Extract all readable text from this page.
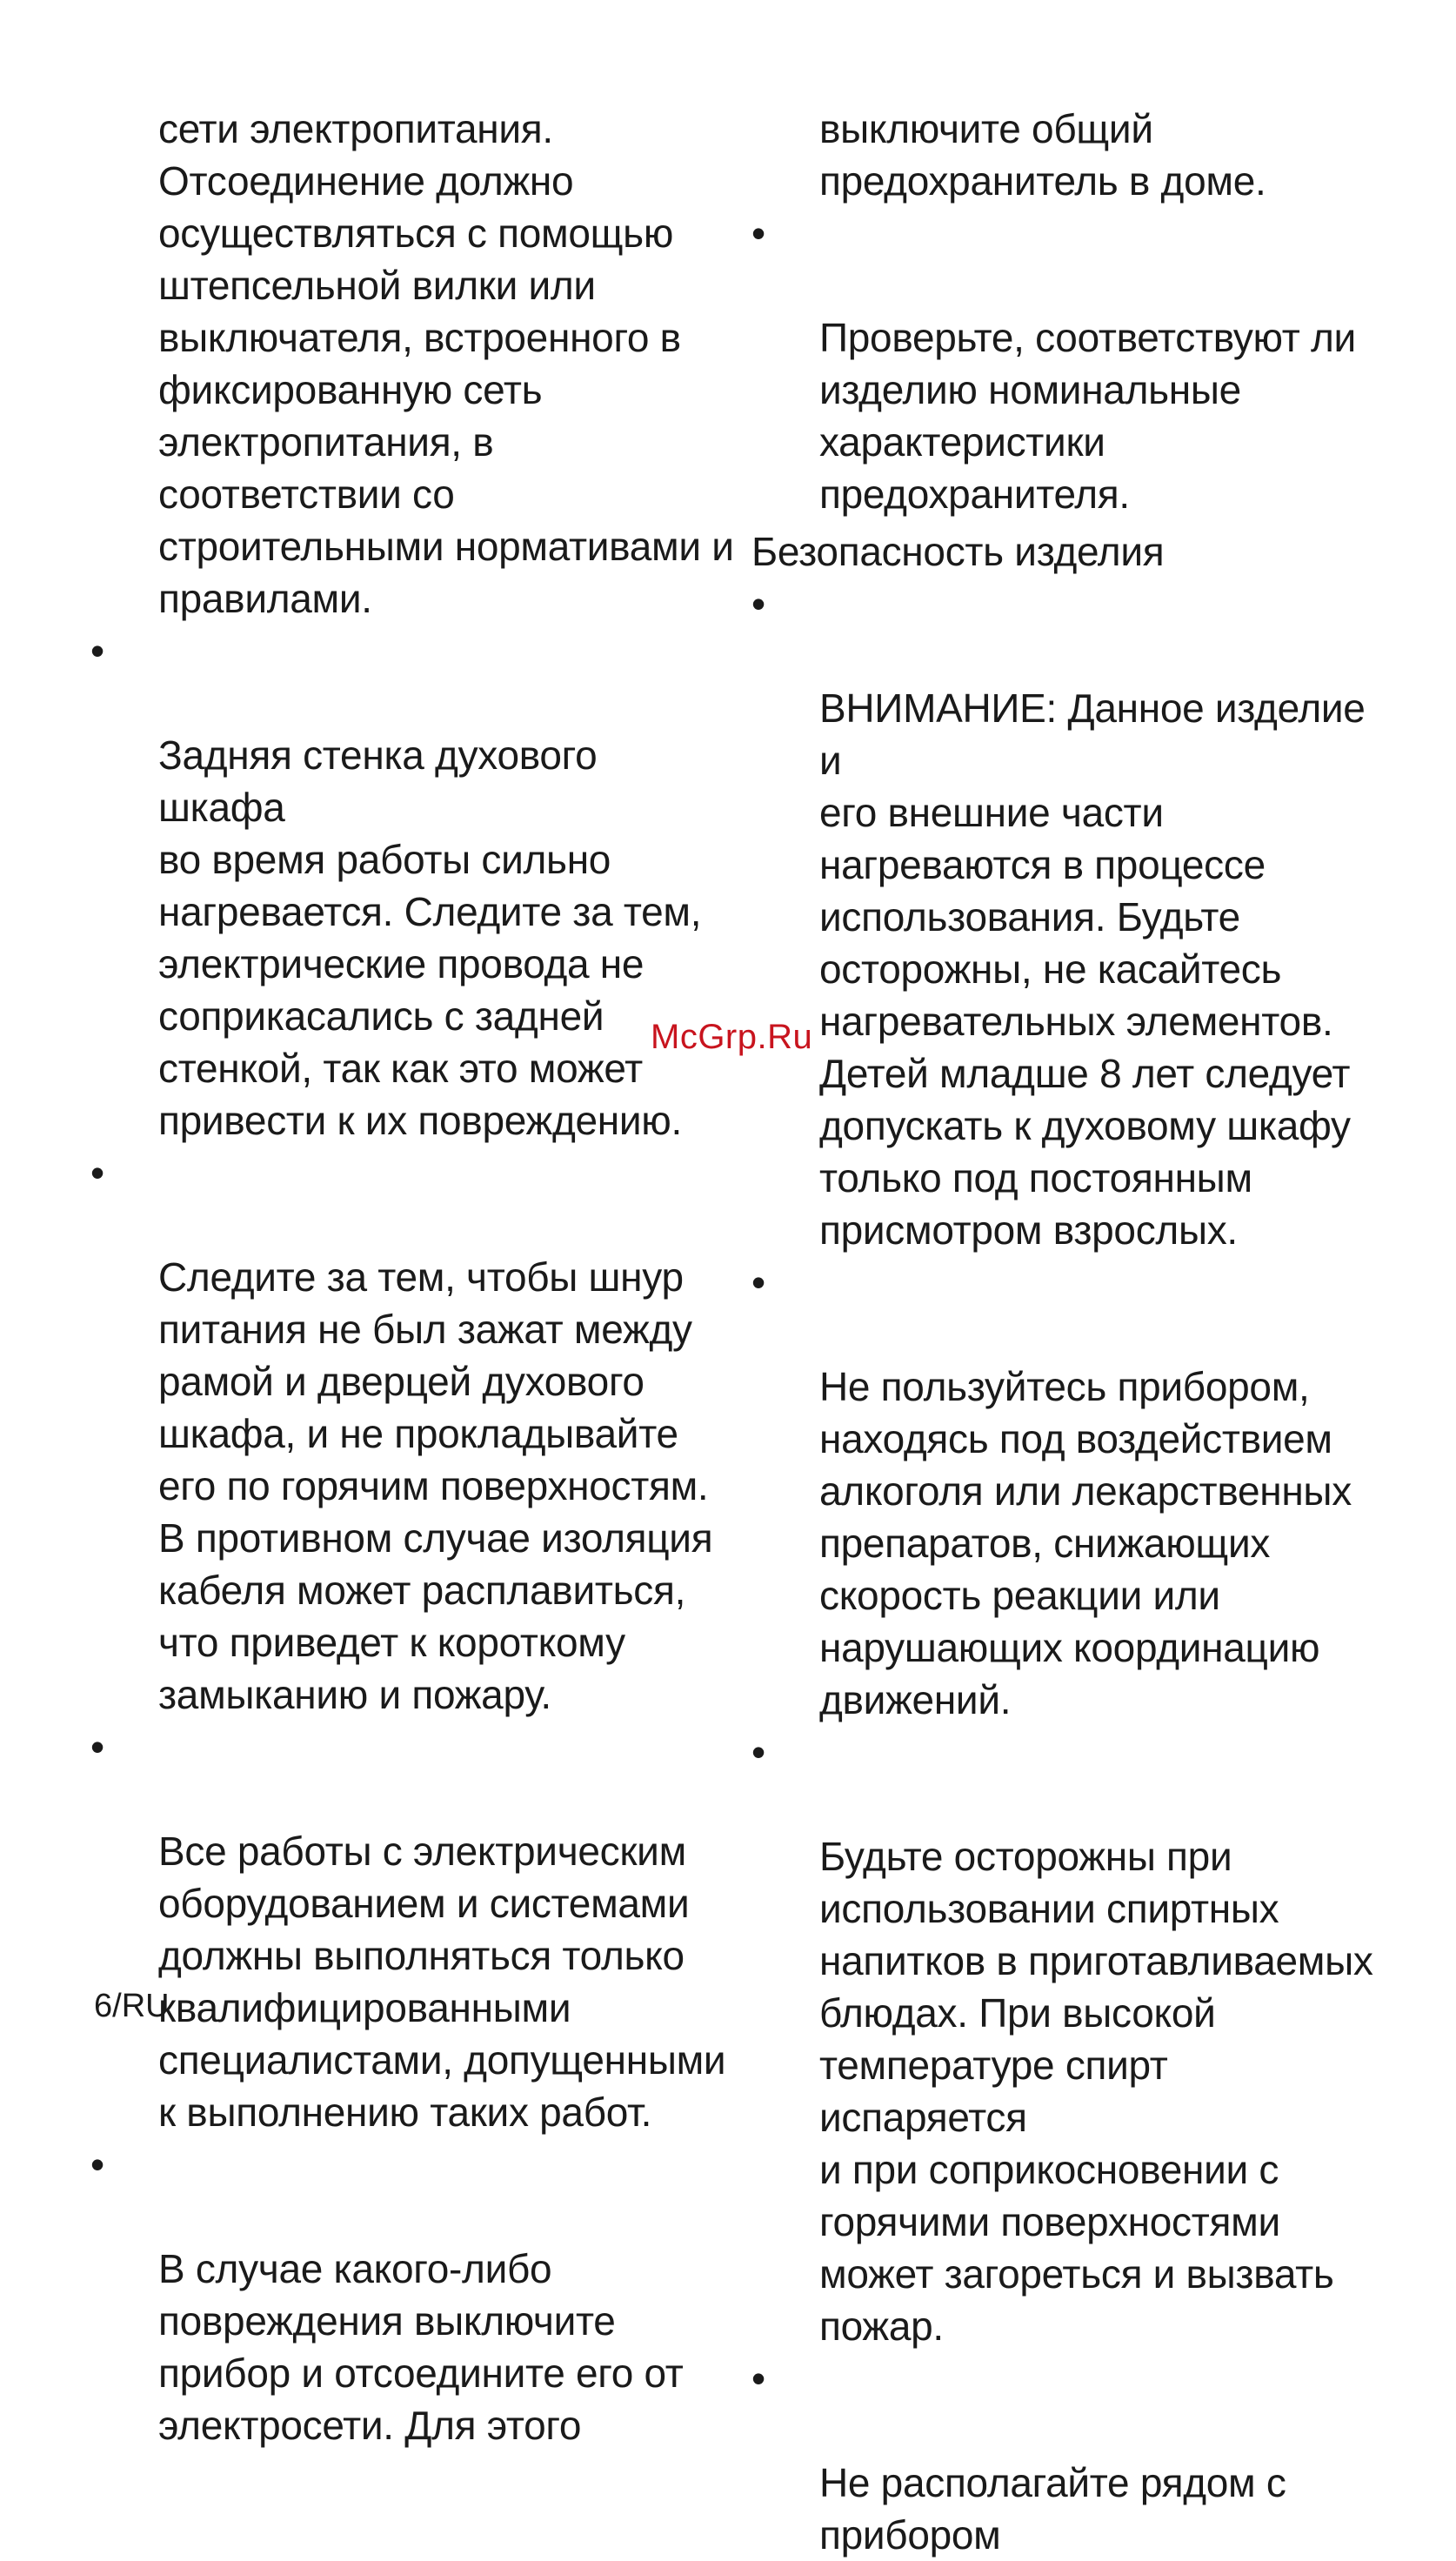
сети электропитания.
Отсоединение должно
осуществляться с помощью
штепсельной вилки или
выключателя, встроенного в
фиксированную сеть
электропитания, в
соответствии со
строительными нормативами и
правилами.

•

Задняя стенка духового шкафа
во время работы сильно
нагревается. Следите за тем,
электрические провода не
соприкасались с задней
стенкой, так как это может
привести к их повреждению.

•

Следите за тем, чтобы шнур
питания не был зажат между
рамой и дверцей духового
шкафа, и не прокладывайте
его по горячим поверхностям.
В противном случае изоляция
кабеля может расплавиться,
что приведет к короткому
замыканию и пожару.

•

Все работы с электрическим
оборудованием и системами
должны выполняться только
квалифицированными
специалистами, допущенными
к выполнению таких работ.

•

В случае какого-либо
повреждения выключите
прибор и отсоедините его от
электросети. Для этого

выключите общий
предохранитель в доме.

•

Проверьте, соответствуют ли
изделию номинальные
характеристики
предохранителя.

Безопасность изделия

•

ВНИМАНИЕ: Данное изделие и
его внешние части
нагреваются в процессе
использования. Будьте
осторожны, не касайтесь
нагревательных элементов.
Детей младше 8 лет следует
допускать к духовому шкафу
только под постоянным
присмотром взрослых.

•

Не пользуйтесь прибором,
находясь под воздействием
алкоголя или лекарственных
препаратов, снижающих
скорость реакции или
нарушающих координацию
движений.

•

Будьте осторожны при
использовании спиртных
напитков в приготавливаемых
блюдах. При высокой
температуре спирт испаряется
и при соприкосновении с
горячими поверхностями
может загореться и вызвать
пожар.

•

Не располагайте рядом с
прибором

McGrp.Ru
6/RU
